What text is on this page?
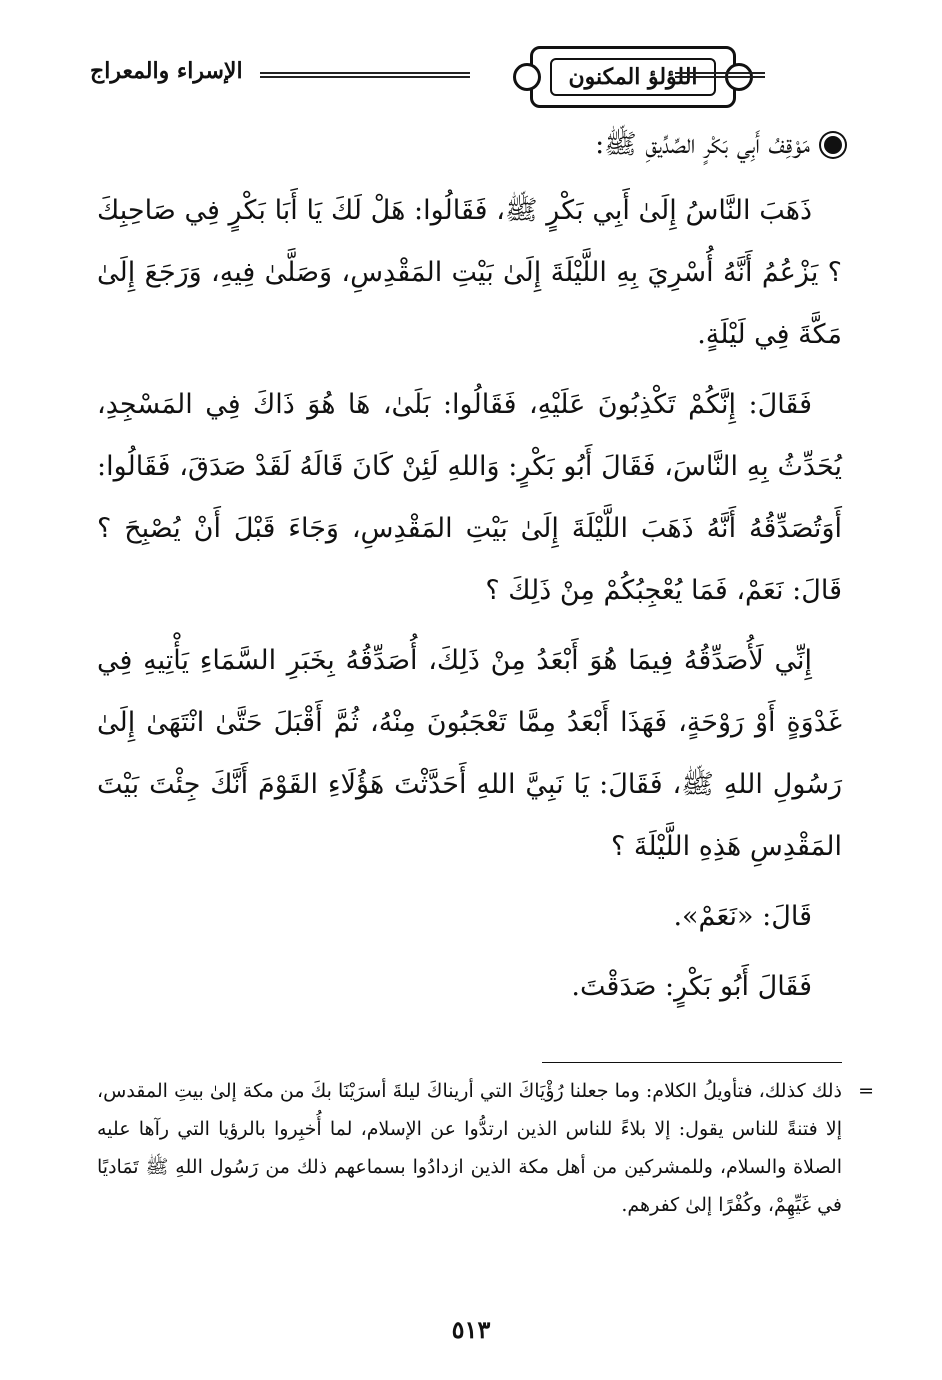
الإسراء والمعراج	اللؤلؤ المكنون
مَوْقِفُ أَبِي بَكْرٍ الصِّدِّيقِ ﷺ:

ذَهَبَ النَّاسُ إِلَىٰ أَبِي بَكْرٍ ﷺ، فَقَالُوا: هَلْ لَكَ يَا أَبَا بَكْرٍ فِي صَاحِبِكَ ؟ يَزْعُمُ أَنَّهُ أُسْرِيَ بِهِ اللَّيْلَةَ إِلَىٰ بَيْتِ المَقْدِسِ، وَصَلَّىٰ فِيهِ، وَرَجَعَ إِلَىٰ مَكَّةَ فِي لَيْلَةٍ.

فَقَالَ: إِنَّكُمْ تَكْذِبُونَ عَلَيْهِ، فَقَالُوا: بَلَىٰ، هَا هُوَ ذَاكَ فِي المَسْجِدِ، يُحَدِّثُ بِهِ النَّاسَ، فَقَالَ أَبُو بَكْرٍ: وَاللهِ لَئِنْ كَانَ قَالَهُ لَقَدْ صَدَقَ، فَقَالُوا: أَوَتُصَدِّقُهُ أَنَّهُ ذَهَبَ اللَّيْلَةَ إِلَىٰ بَيْتِ المَقْدِسِ، وَجَاءَ قَبْلَ أَنْ يُصْبِحَ ؟ قَالَ: نَعَمْ، فَمَا يُعْجِبُكُمْ مِنْ ذَلِكَ ؟

إِنِّي لَأُصَدِّقُهُ فِيمَا هُوَ أَبْعَدُ مِنْ ذَلِكَ، أُصَدِّقُهُ بِخَبَرِ السَّمَاءِ يَأْتِيهِ فِي غَدْوَةٍ أَوْ رَوْحَةٍ، فَهَذَا أَبْعَدُ مِمَّا تَعْجَبُونَ مِنْهُ، ثُمَّ أَقْبَلَ حَتَّىٰ انْتَهَىٰ إِلَىٰ رَسُولِ اللهِ ﷺ، فَقَالَ: يَا نَبِيَّ اللهِ أَحَدَّثْتَ هَؤُلَاءِ القَوْمَ أَنَّكَ جِئْتَ بَيْتَ المَقْدِسِ هَذِهِ اللَّيْلَةَ ؟

قَالَ: «نَعَمْ».

فَقَالَ أَبُو بَكْرٍ: صَدَقْتَ.

=
ذلك كذلك، فتأويلُ الكلام: وما جعلنا رُؤْيَاكَ التي أريناكَ ليلةَ أسرَيْنَا بكَ من مكة إلىٰ بيتِ المقدس، إلا فتنةً للناس يقول: إلا بلاءً للناس الذين ارتدُّوا عن الإسلام، لما أُخبِروا بالرؤيا التي رآها عليه الصلاة والسلام، وللمشركين من أهل مكة الذين ازدادُوا بسماعهم ذلك من رَسُول اللهِ ﷺ تَمَاديًا في غَيِّهِمْ، وكُفْرًا إلىٰ كفرهم.
٥١٣
